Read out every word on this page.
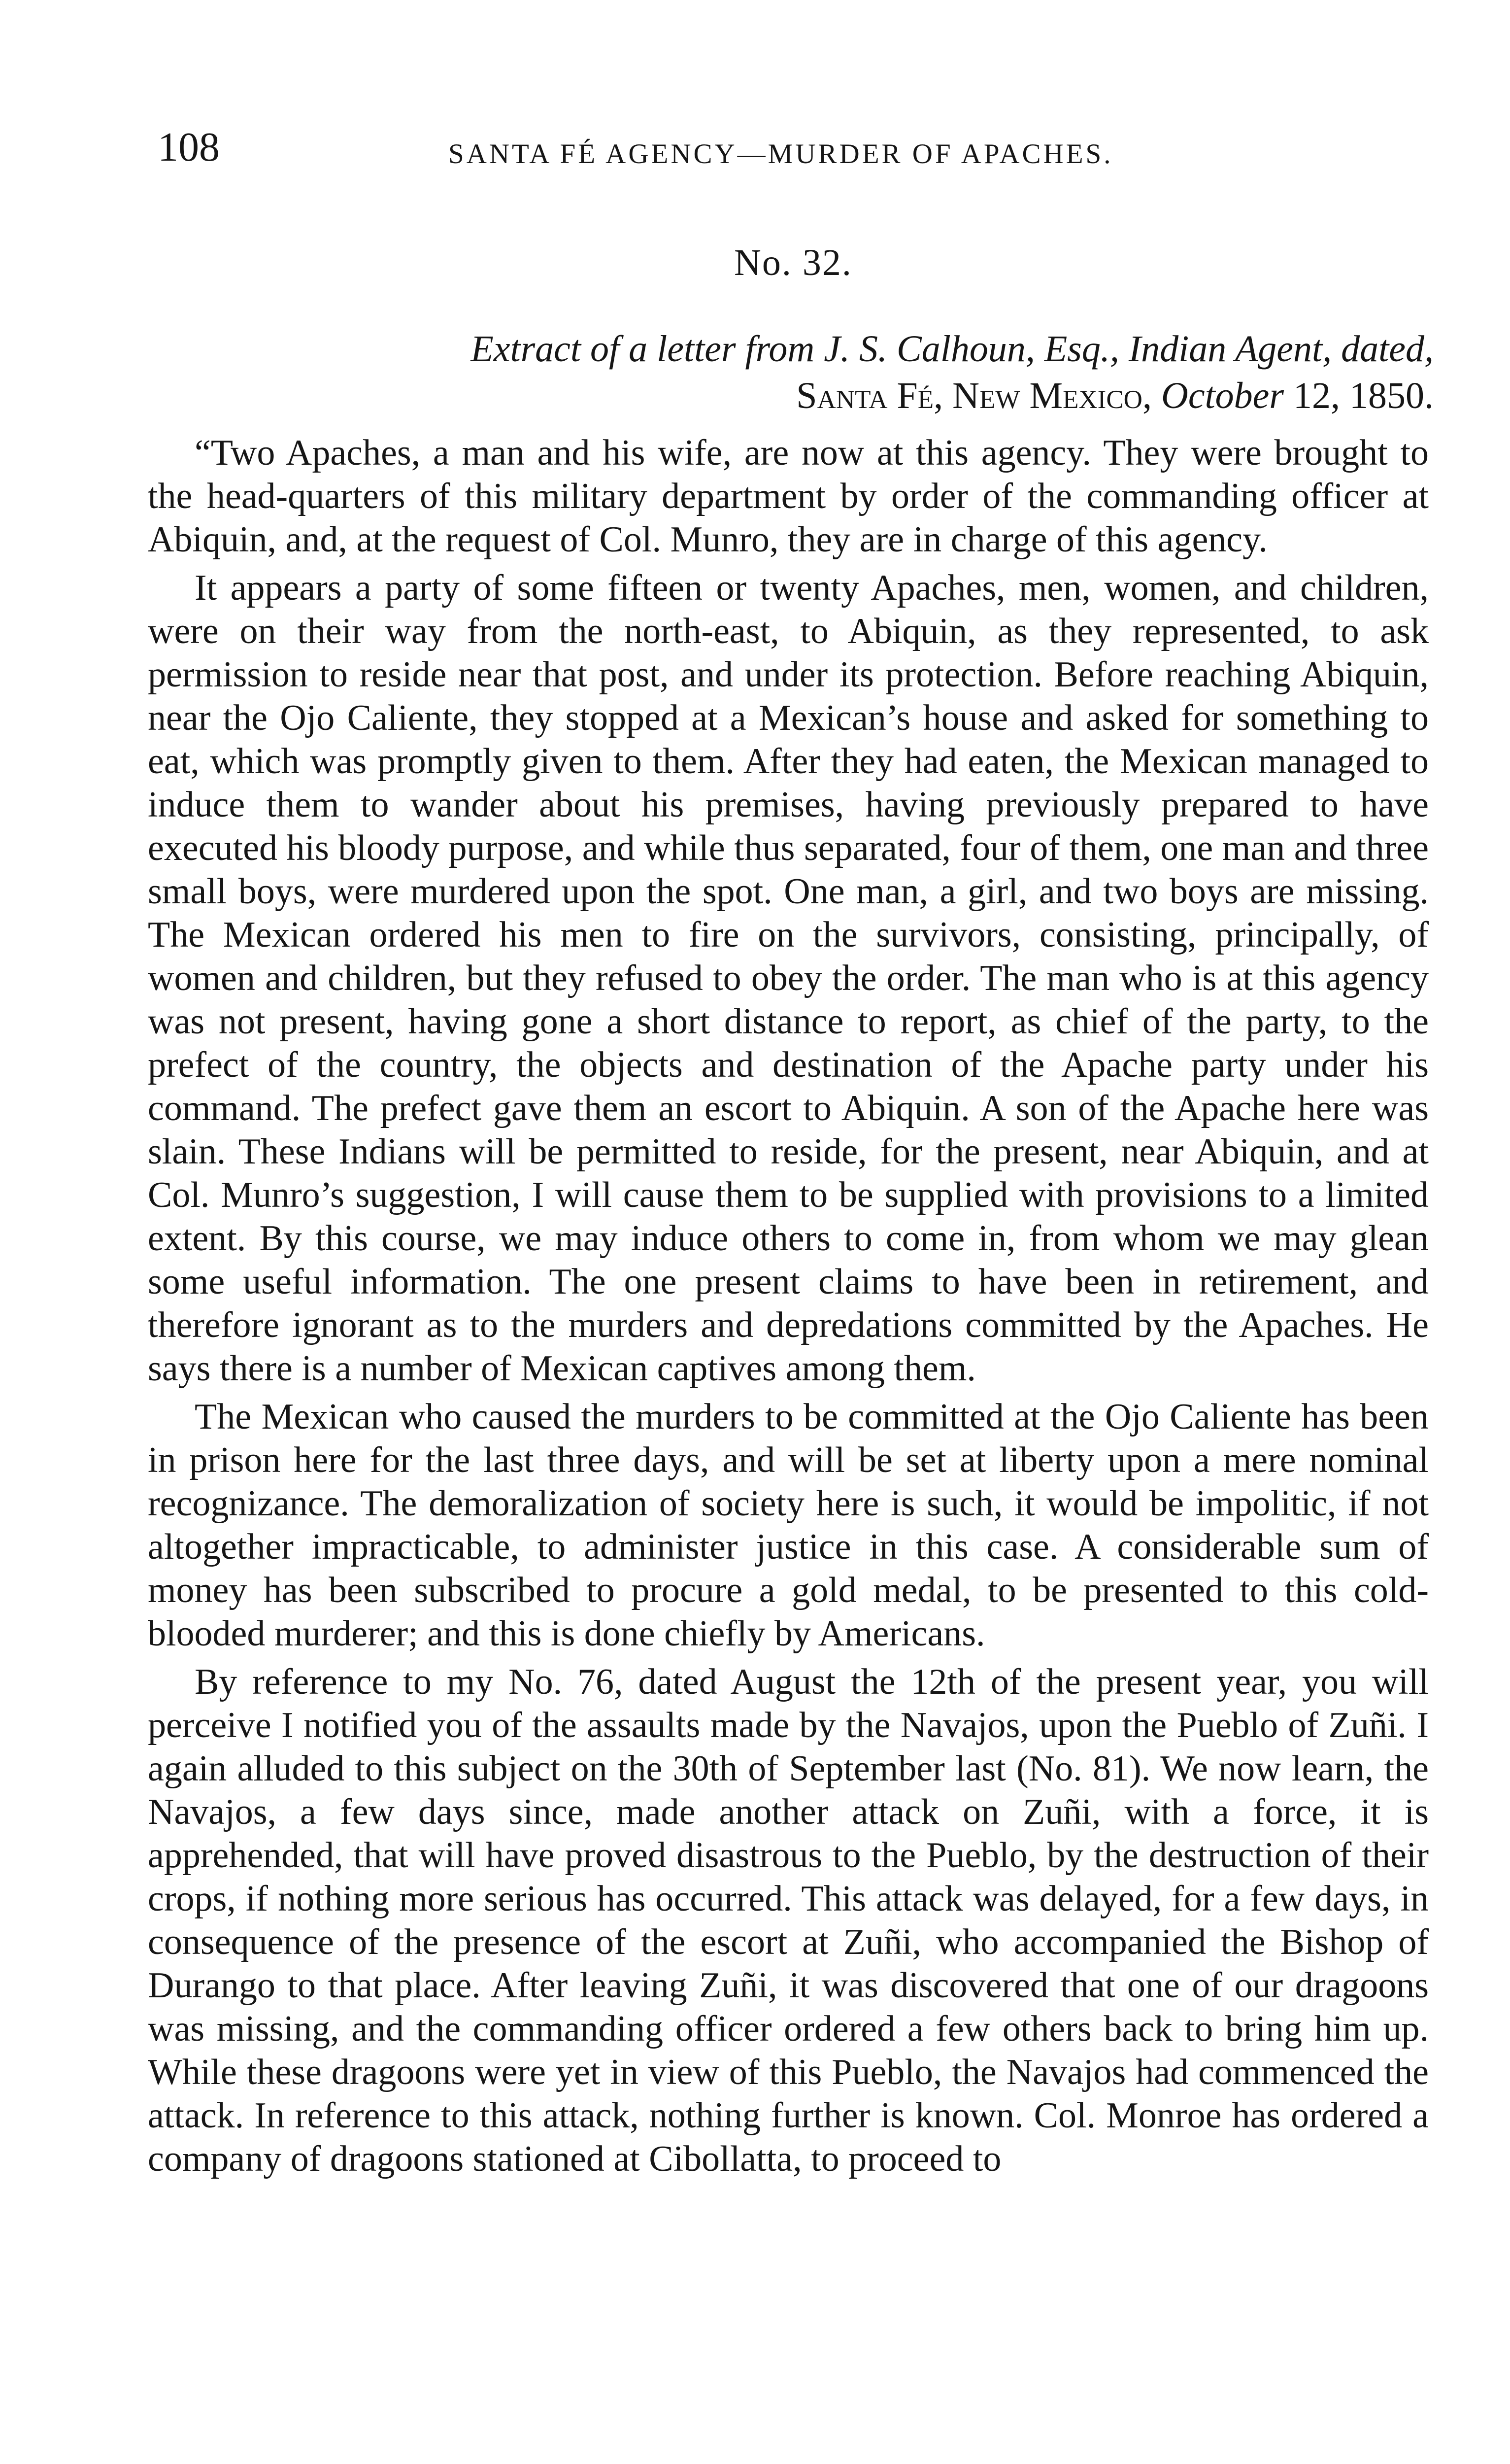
108	SANTA FÉ AGENCY—MURDER OF APACHES.
No. 32.
Extract of a letter from J. S. Calhoun, Esq., Indian Agent, dated,
Santa Fé, New Mexico, October 12, 1850.

“Two Apaches, a man and his wife, are now at this agency. They were brought to the head-quarters of this military department by order of the commanding officer at Abiquin, and, at the request of Col. Munro, they are in charge of this agency.

It appears a party of some fifteen or twenty Apaches, men, women, and children, were on their way from the north-east, to Abiquin, as they represented, to ask permission to reside near that post, and under its protection. Before reaching Abiquin, near the Ojo Caliente, they stopped at a Mexican’s house and asked for something to eat, which was promptly given to them. After they had eaten, the Mexican managed to induce them to wander about his premises, having previously prepared to have executed his bloody purpose, and while thus separated, four of them, one man and three small boys, were murdered upon the spot. One man, a girl, and two boys are missing. The Mexican ordered his men to fire on the survivors, consisting, principally, of women and children, but they refused to obey the order. The man who is at this agency was not present, having gone a short distance to report, as chief of the party, to the prefect of the country, the objects and destination of the Apache party under his command. The prefect gave them an escort to Abiquin. A son of the Apache here was slain. These Indians will be permitted to reside, for the present, near Abiquin, and at Col. Munro’s suggestion, I will cause them to be supplied with provisions to a limited extent. By this course, we may induce others to come in, from whom we may glean some useful information. The one present claims to have been in retirement, and therefore ignorant as to the murders and depredations committed by the Apaches. He says there is a number of Mexican captives among them.

The Mexican who caused the murders to be committed at the Ojo Caliente has been in prison here for the last three days, and will be set at liberty upon a mere nominal recognizance. The demoralization of society here is such, it would be impolitic, if not altogether impracticable, to administer justice in this case. A considerable sum of money has been subscribed to procure a gold medal, to be presented to this cold-blooded murderer; and this is done chiefly by Americans.

By reference to my No. 76, dated August the 12th of the present year, you will perceive I notified you of the assaults made by the Navajos, upon the Pueblo of Zuñi. I again alluded to this subject on the 30th of September last (No. 81). We now learn, the Navajos, a few days since, made another attack on Zuñi, with a force, it is apprehended, that will have proved disastrous to the Pueblo, by the destruction of their crops, if nothing more serious has occurred. This attack was delayed, for a few days, in consequence of the presence of the escort at Zuñi, who accompanied the Bishop of Durango to that place. After leaving Zuñi, it was discovered that one of our dragoons was missing, and the commanding officer ordered a few others back to bring him up. While these dragoons were yet in view of this Pueblo, the Navajos had commenced the attack. In reference to this attack, nothing further is known. Col. Monroe has ordered a company of dragoons stationed at Cibollatta, to proceed to
